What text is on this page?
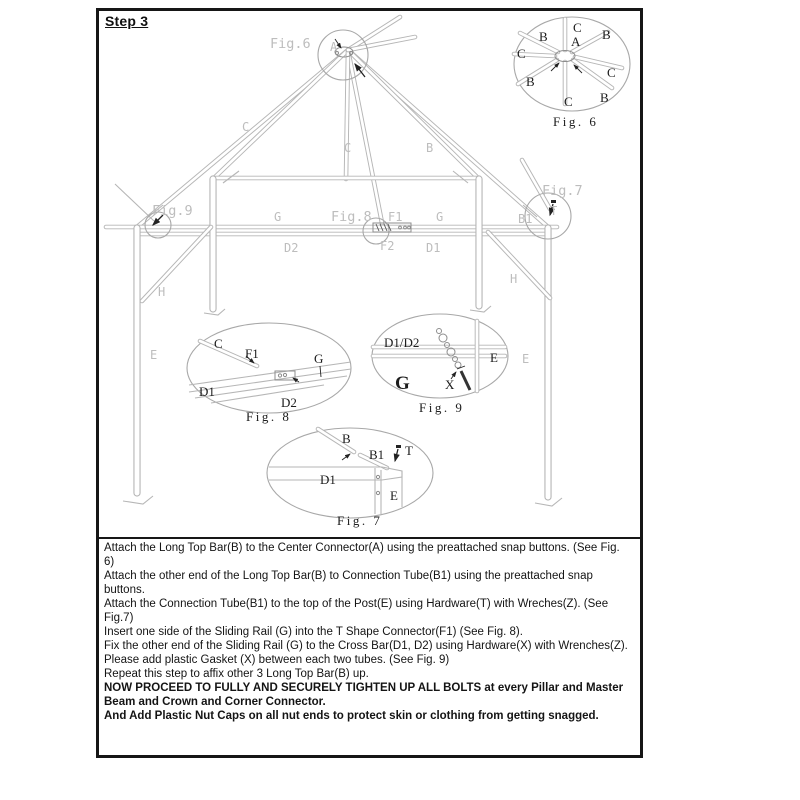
Step 3
Fig.6 A
C
C	B
Fig.9	G	Fig.8 F1	G	B1
Fig.7
T
D2	F2	D1
H
H
E	E
C
B	B
A
C
C
B
B
C
Fig. 6
C
F1	G
D1
D2
Fig. 8
D1/D2
E
G	X
Fig. 9
B
B1 T
D1
E
Fig. 7

Attach the Long Top Bar(B) to the Center Connector(A) using the preattached snap buttons. (See Fig. 6)

Attach the other end of the Long Top Bar(B) to Connection Tube(B1) using the preattached snap

buttons.

Attach the Connection Tube(B1) to the top of the Post(E) using Hardware(T) with Wreches(Z). (See

Fig.7)

Insert one side of the Sliding Rail (G) into the T Shape Connector(F1) (See Fig. 8).

Fix the other end of the Sliding Rail (G) to the Cross Bar(D1, D2) using Hardware(X) with Wrenches(Z).

Please add plastic Gasket (X) between each two tubes. (See Fig. 9)

Repeat this step to affix other 3 Long Top Bar(B) up.

NOW PROCEED TO FULLY AND SECURELY TIGHTEN UP ALL BOLTS at every Pillar and Master

Beam and Crown and Corner Connector.

And Add Plastic Nut Caps on all nut ends to protect skin or clothing from getting snagged.
